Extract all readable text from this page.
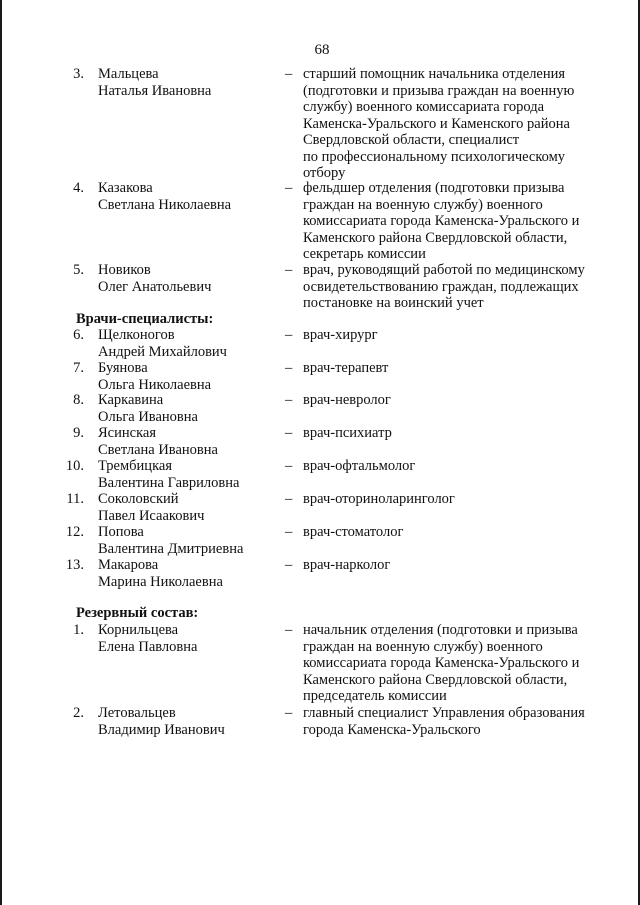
68
3. Мальцева
Наталья Ивановна
– старший помощник начальника отделения
(подготовки и призыва граждан на военную
службу) военного комиссариата города
Каменска-Уральского и Каменского района
Свердловской области, специалист
по профессиональному психологическому
отбору
4. Казакова
Светлана Николаевна
– фельдшер отделения (подготовки призыва
граждан на военную службу) военного
комиссариата города Каменска-Уральского и
Каменского района Свердловской области,
секретарь комиссии
5. Новиков
Олег Анатольевич
– врач, руководящий работой по медицинскому
освидетельствованию граждан, подлежащих
постановке на воинский учет
Врачи-специалисты:
6. Щелконогов
Андрей Михайлович
– врач-хирург
7. Буянова
Ольга Николаевна
– врач-терапевт
8. Каркавина
Ольга Ивановна
– врач-невролог
9. Ясинская
Светлана Ивановна
– врач-психиатр
10. Трембицкая
Валентина Гавриловна
– врач-офтальмолог
11. Соколовский
Павел Исаакович
– врач-оториноларинголог
12. Попова
Валентина Дмитриевна
– врач-стоматолог
13. Макарова
Марина Николаевна
– врач-нарколог
Резервный состав:
1. Корнильцева
Елена Павловна
– начальник отделения (подготовки и призыва
граждан на военную службу) военного
комиссариата города Каменска-Уральского и
Каменского района Свердловской области,
председатель комиссии
2. Летовальцев
Владимир Иванович
– главный специалист Управления образования
города Каменска-Уральского
